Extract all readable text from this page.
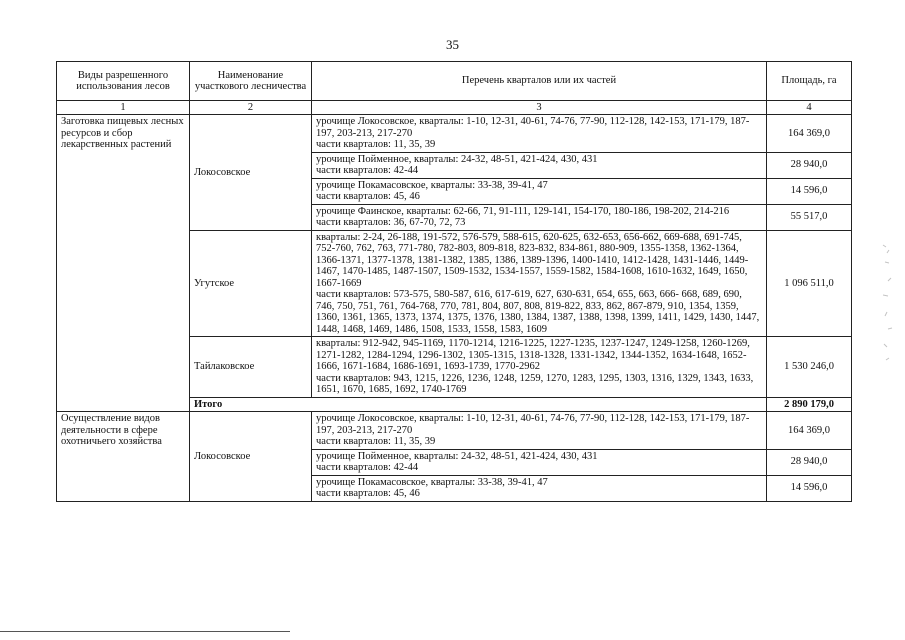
35
Виды разрешенного использования лесов	Наименование участкового лесничества	Перечень кварталов или их частей	Площадь, га
1	2	3	4
Заготовка пищевых лесных ресурсов и сбор лекарственных растений	Локосовское	урочище Локосовское, кварталы: 1-10, 12-31, 40-61, 74-76, 77-90, 112-128, 142-153, 171-179, 187-197, 203-213, 217-270
части кварталов: 11, 35, 39	164 369,0
		урочище Пойменное, кварталы: 24-32, 48-51, 421-424, 430, 431
части кварталов: 42-44	28 940,0
		урочище Покамасовское, кварталы: 33-38, 39-41, 47
части кварталов: 45, 46	14 596,0
		урочище Фаинское, кварталы: 62-66, 71, 91-111, 129-141, 154-170, 180-186, 198-202, 214-216
части кварталов: 36, 67-70, 72, 73	55 517,0
	Угутское	кварталы: 2-24, 26-188, 191-572, 576-579, 588-615, 620-625, 632-653, 656-662, 669-688, 691-745, 752-760, 762, 763, 771-780, 782-803, 809-818, 823-832, 834-861, 880-909, 1355-1358, 1362-1364, 1366-1371, 1377-1378, 1381-1382, 1385, 1386, 1389-1396, 1400-1410, 1412-1428, 1431-1446, 1449-1467, 1470-1485, 1487-1507, 1509-1532, 1534-1557, 1559-1582, 1584-1608, 1610-1632, 1649, 1650, 1667-1669
части кварталов: 573-575, 580-587, 616, 617-619, 627, 630-631, 654, 655, 663, 666- 668, 689, 690, 746, 750, 751, 761, 764-768, 770, 781, 804, 807, 808, 819-822, 833, 862, 867-879, 910, 1354, 1359, 1360, 1361, 1365, 1373, 1374, 1375, 1376, 1380, 1384, 1387, 1388, 1398, 1399, 1411, 1429, 1430, 1447, 1448, 1468, 1469, 1486, 1508, 1533, 1558, 1583, 1609	1 096 511,0
	Тайлаковское	кварталы: 912-942, 945-1169, 1170-1214, 1216-1225, 1227-1235, 1237-1247, 1249-1258, 1260-1269, 1271-1282, 1284-1294, 1296-1302, 1305-1315, 1318-1328, 1331-1342, 1344-1352, 1634-1648, 1652-1666, 1671-1684, 1686-1691, 1693-1739, 1770-2962
части кварталов: 943, 1215, 1226, 1236, 1248, 1259, 1270, 1283, 1295, 1303, 1316, 1329, 1343, 1633, 1651, 1670, 1685, 1692, 1740-1769	1 530 246,0
	Итого		2 890 179,0
Осуществление видов деятельности в сфере охотничьего хозяйства	Локосовское	урочище Локосовское, кварталы: 1-10, 12-31, 40-61, 74-76, 77-90, 112-128, 142-153, 171-179, 187-197, 203-213, 217-270
части кварталов: 11, 35, 39	164 369,0
		урочище Пойменное, кварталы: 24-32, 48-51, 421-424, 430, 431
части кварталов: 42-44	28 940,0
		урочище Покамасовское, кварталы: 33-38, 39-41, 47
части кварталов: 45, 46	14 596,0
